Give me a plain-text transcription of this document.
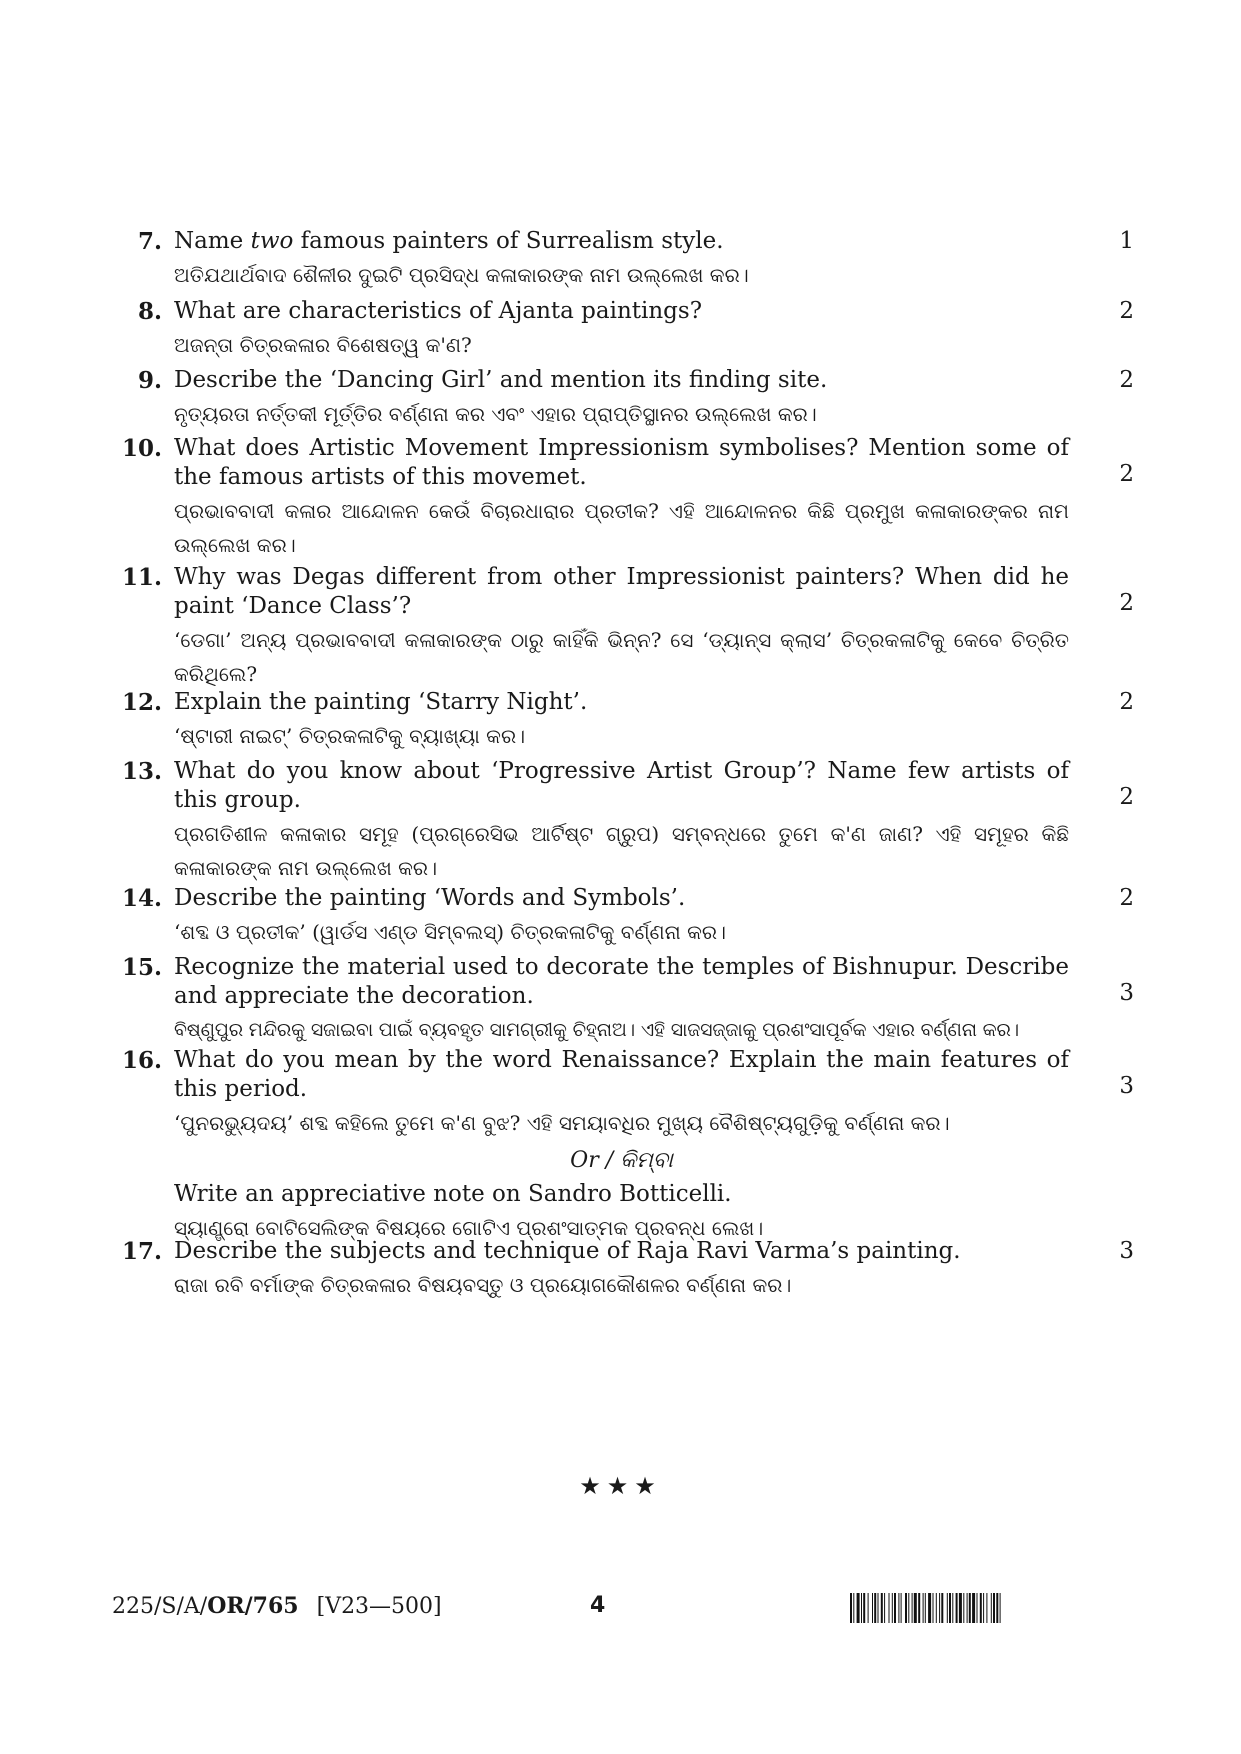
7. Name two famous painters of Surrealism style.
ଅତିଯଥାର୍ଥବାଦ ଶୈଳୀର ଦୁଇଟି ପ୍ରସିଦ୍ଧ କଳାକାରଙ୍କ ନାମ ଉଲ୍ଲେଖ କର।
1
8. What are characteristics of Ajanta paintings?
ଅଜନ୍ତା ଚିତ୍ରକଳାର ବିଶେଷତ୍ୱ କ'ଣ?
2
9. Describe the ‘Dancing Girl’ and mention its finding site.
ନୃତ୍ୟରତା ନର୍ତ୍ତକୀ ମୂର୍ତ୍ତିର ବର୍ଣ୍ଣନା କର ଏବଂ ଏହାର ପ୍ରାପ୍ତିସ୍ଥାନର ଉଲ୍ଲେଖ କର।
2
10. What does Artistic Movement Impressionism symbolises? Mention some of the famous artists of this movemet.
ପ୍ରଭାବବାଦୀ କଳାର ଆନ୍ଦୋଳନ କେଉଁ ବିଚାରଧାରାର ପ୍ରତୀକ? ଏହି ଆନ୍ଦୋଳନର କିଛି ପ୍ରମୁଖ କଳାକାରଙ୍କର ନାମ ଉଲ୍ଲେଖ କର।
2
11. Why was Degas different from other Impressionist painters? When did he paint ‘Dance Class’?
‘ଡେଗା’ ଅନ୍ୟ ପ୍ରଭାବବାଦୀ କଳାକାରଙ୍କ ଠାରୁ କାହିଁକି ଭିନ୍ନ? ସେ ‘ଡ୍ୟାନ୍ସ କ୍ଲାସ’ ଚିତ୍ରକଳାଟିକୁ କେବେ ଚିତ୍ରିତ କରିଥିଲେ?
2
12. Explain the painting ‘Starry Night’.
‘ଷ୍ଟାରୀ ନାଇଟ୍’ ଚିତ୍ରକଳାଟିକୁ ବ୍ୟାଖ୍ୟା କର।
2
13. What do you know about ‘Progressive Artist Group’? Name few artists of this group.
ପ୍ରଗତିଶୀଳ କଳାକାର ସମୂହ (ପ୍ରଗ୍ରେସିଭ ଆର୍ଟିଷ୍ଟ ଗ୍ରୁପ) ସମ୍ବନ୍ଧରେ ତୁମେ କ'ଣ ଜାଣ? ଏହି ସମୂହର କିଛି କଳାକାରଙ୍କ ନାମ ଉଲ୍ଲେଖ କର।
2
14. Describe the painting ‘Words and Symbols’.
‘ଶବ୍ଦ ଓ ପ୍ରତୀକ’ (ୱାର୍ଡସ ଏଣ୍ଡ ସିମ୍ବଲସ୍) ଚିତ୍ରକଳାଟିକୁ ବର୍ଣ୍ଣନା କର।
2
15. Recognize the material used to decorate the temples of Bishnupur. Describe and appreciate the decoration.
ବିଷ୍ଣୁପୁର ମନ୍ଦିରକୁ ସଜାଇବା ପାଇଁ ବ୍ୟବହୃତ ସାମଗ୍ରୀକୁ ଚିହ୍ନାଅ। ଏହି ସାଜସଜ୍ଜାକୁ ପ୍ରଶଂସାପୂର୍ବକ ଏହାର ବର୍ଣ୍ଣନା କର।
3
16. What do you mean by the word Renaissance? Explain the main features of this period.
‘ପୁନରଭ୍ୟୁଦୟ’ ଶବ୍ଦ କହିଲେ ତୁମେ କ'ଣ ବୁଝ? ଏହି ସମୟାବଧିର ମୁଖ୍ୟ ବୈଶିଷ୍ଟ୍ୟଗୁଡ଼ିକୁ ବର୍ଣ୍ଣନା କର।
Or / କିମ୍ବା
Write an appreciative note on Sandro Botticelli.
ସ୍ୟାଣ୍ଡ୍ରୋ ବୋଟିସେଲିଙ୍କ ବିଷୟରେ ଗୋଟିଏ ପ୍ରଶଂସାତ୍ମକ ପ୍ରବନ୍ଧ ଲେଖ।
3
17. Describe the subjects and technique of Raja Ravi Varma’s painting.
ରାଜା ରବି ବର୍ମାଙ୍କ ଚିତ୍ରକଳାର ବିଷୟବସ୍ତୁ ଓ ପ୍ରୟୋଗକୌଶଳର ବର୍ଣ୍ଣନା କର।
3
★★★
225/S/A/OR/765 [V23—500]	4
